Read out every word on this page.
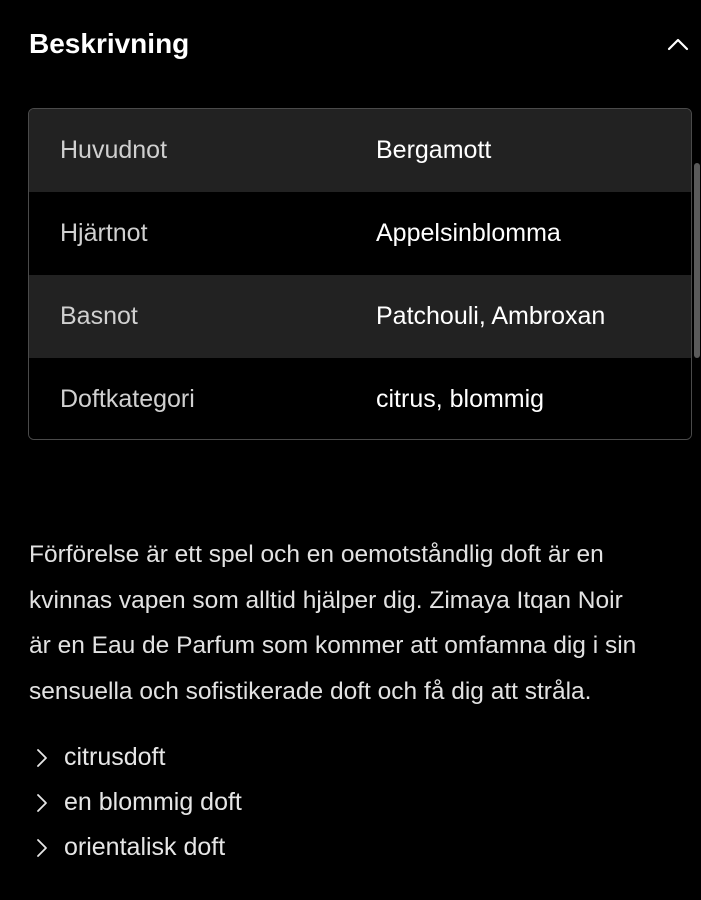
Beskrivning
Huvudnot	Bergamott
Hjärtnot	Appelsinblomma
Basnot	Patchouli, Ambroxan
Doftkategori	citrus, blommig

Förförelse är ett spel och en oemotståndlig doft är en
kvinnas vapen som alltid hjälper dig. Zimaya Itqan Noir
är en Eau de Parfum som kommer att omfamna dig i sin
sensuella och sofistikerade doft och få dig att stråla.

citrusdoft
en blommig doft
orientalisk doft
